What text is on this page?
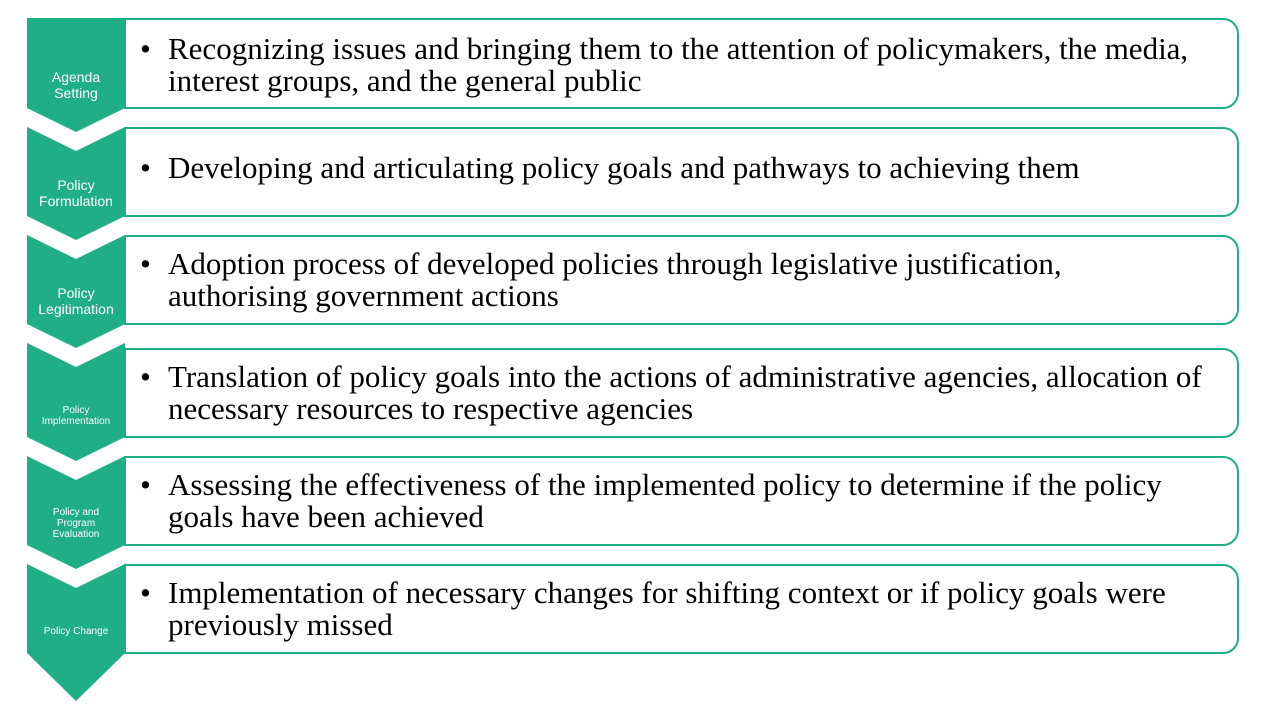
Agenda
Setting
Policy
Formulation
Policy
Legitimation
Policy
Implementation
Policy and
Program
Evaluation
Policy Change
• Recognizing issues and bringing them to the attention of policymakers, the media, interest groups, and the general public
• Developing and articulating policy goals and pathways to achieving them
• Adoption process of developed policies through legislative justification, authorising government actions
• Translation of policy goals into the actions of administrative agencies, allocation of necessary resources to respective agencies
• Assessing the effectiveness of the implemented policy to determine if the policy goals have been achieved
• Implementation of necessary changes for shifting context or if policy goals were previously missed
